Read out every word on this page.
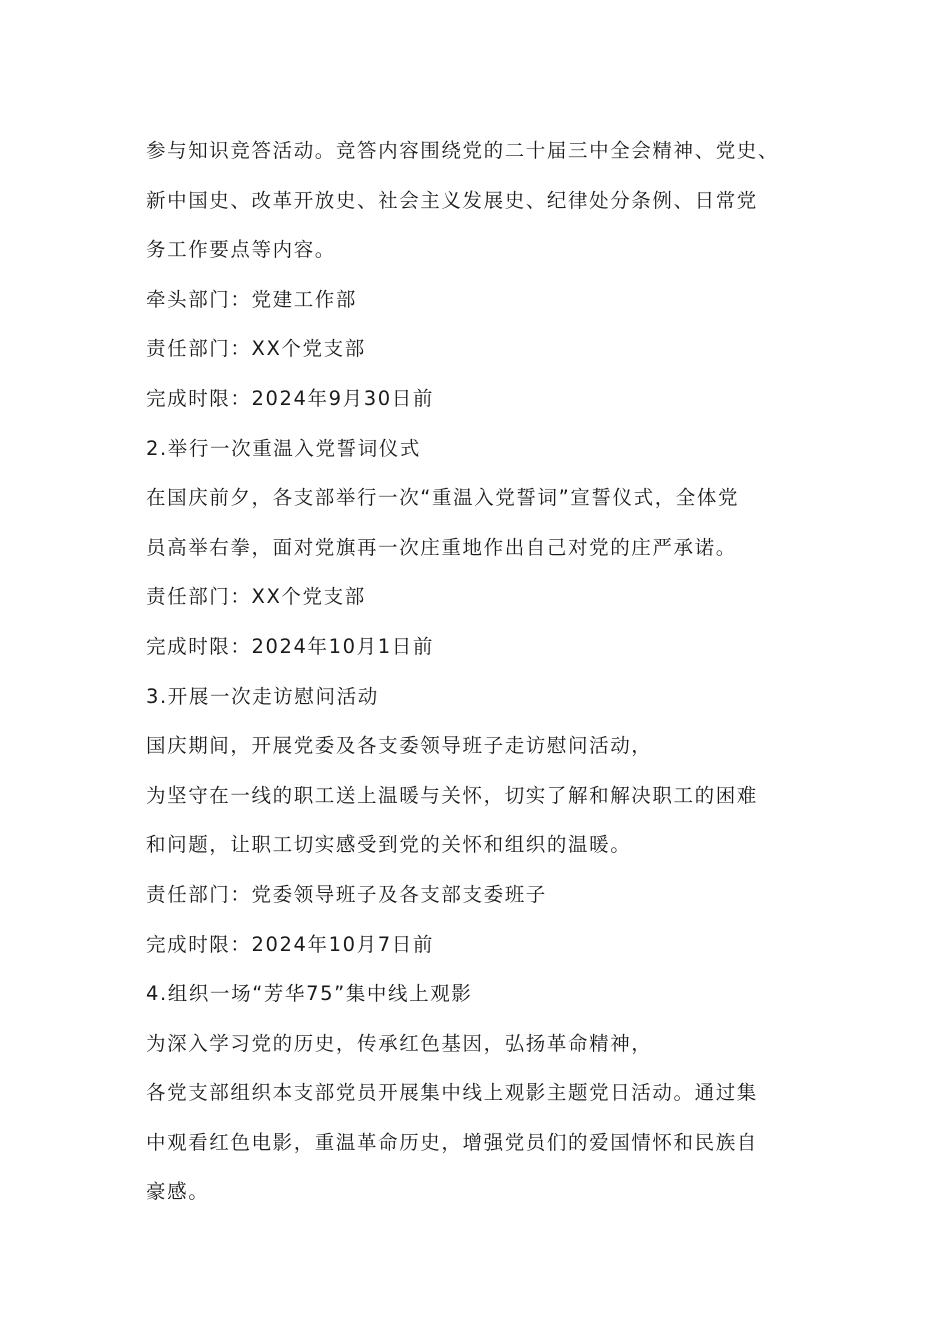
参与知识竞答活动。竞答内容围绕党的二十届三中全会精神、党史、
新中国史、改革开放史、社会主义发展史、纪律处分条例、日常党
务工作要点等内容。
牵头部门：党建工作部
责任部门：XX个党支部
完成时限：2024年9月30日前
2.举行一次重温入党誓词仪式
在国庆前夕，各支部举行一次“重温入党誓词”宣誓仪式，全体党
员高举右拳，面对党旗再一次庄重地作出自己对党的庄严承诺。
责任部门：XX个党支部
完成时限：2024年10月1日前
3.开展一次走访慰问活动
国庆期间，开展党委及各支委领导班子走访慰问活动，
为坚守在一线的职工送上温暖与关怀，切实了解和解决职工的困难
和问题，让职工切实感受到党的关怀和组织的温暖。
责任部门：党委领导班子及各支部支委班子
完成时限：2024年10月7日前
4.组织一场“芳华75”集中线上观影
为深入学习党的历史，传承红色基因，弘扬革命精神，
各党支部组织本支部党员开展集中线上观影主题党日活动。通过集
中观看红色电影，重温革命历史，增强党员们的爱国情怀和民族自
豪感。
